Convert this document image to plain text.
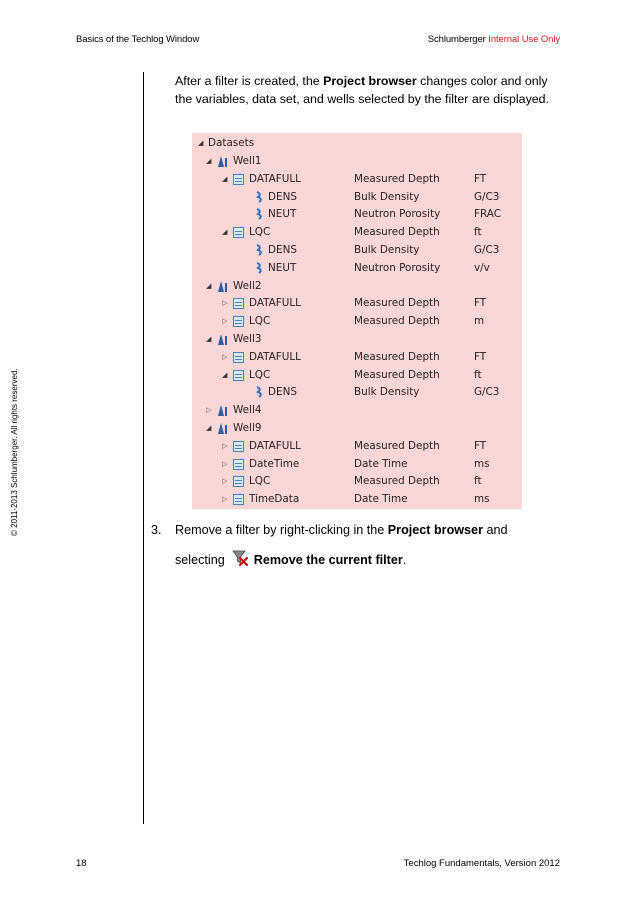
Basics of the Techlog Window	Schlumberger Internal Use Only
© 2011-2013 Schlumberger. All rights reserved.
After a filter is created, the Project browser changes color and only the variables, data set, and wells selected by the filter are displayed.
◢ Datasets
◢ Well1
◢ DATAFULL	Measured Depth	FT
DENS	Bulk Density	G/C3
NEUT	Neutron Porosity	FRAC
◢ LQC	Measured Depth	ft
DENS	Bulk Density	G/C3
NEUT	Neutron Porosity	v/v
◢ Well2
▷ DATAFULL	Measured Depth	FT
▷ LQC	Measured Depth	m
◢ Well3
▷ DATAFULL	Measured Depth	FT
◢ LQC	Measured Depth	ft
DENS	Bulk Density	G/C3
▷ Well4
◢ Well9
▷ DATAFULL	Measured Depth	FT
▷ DateTime	Date Time	ms
▷ LQC	Measured Depth	ft
▷ TimeData	Date Time	ms
3. Remove a filter by right-clicking in the Project browser and
selecting Remove the current filter.
18	Techlog Fundamentals, Version 2012
